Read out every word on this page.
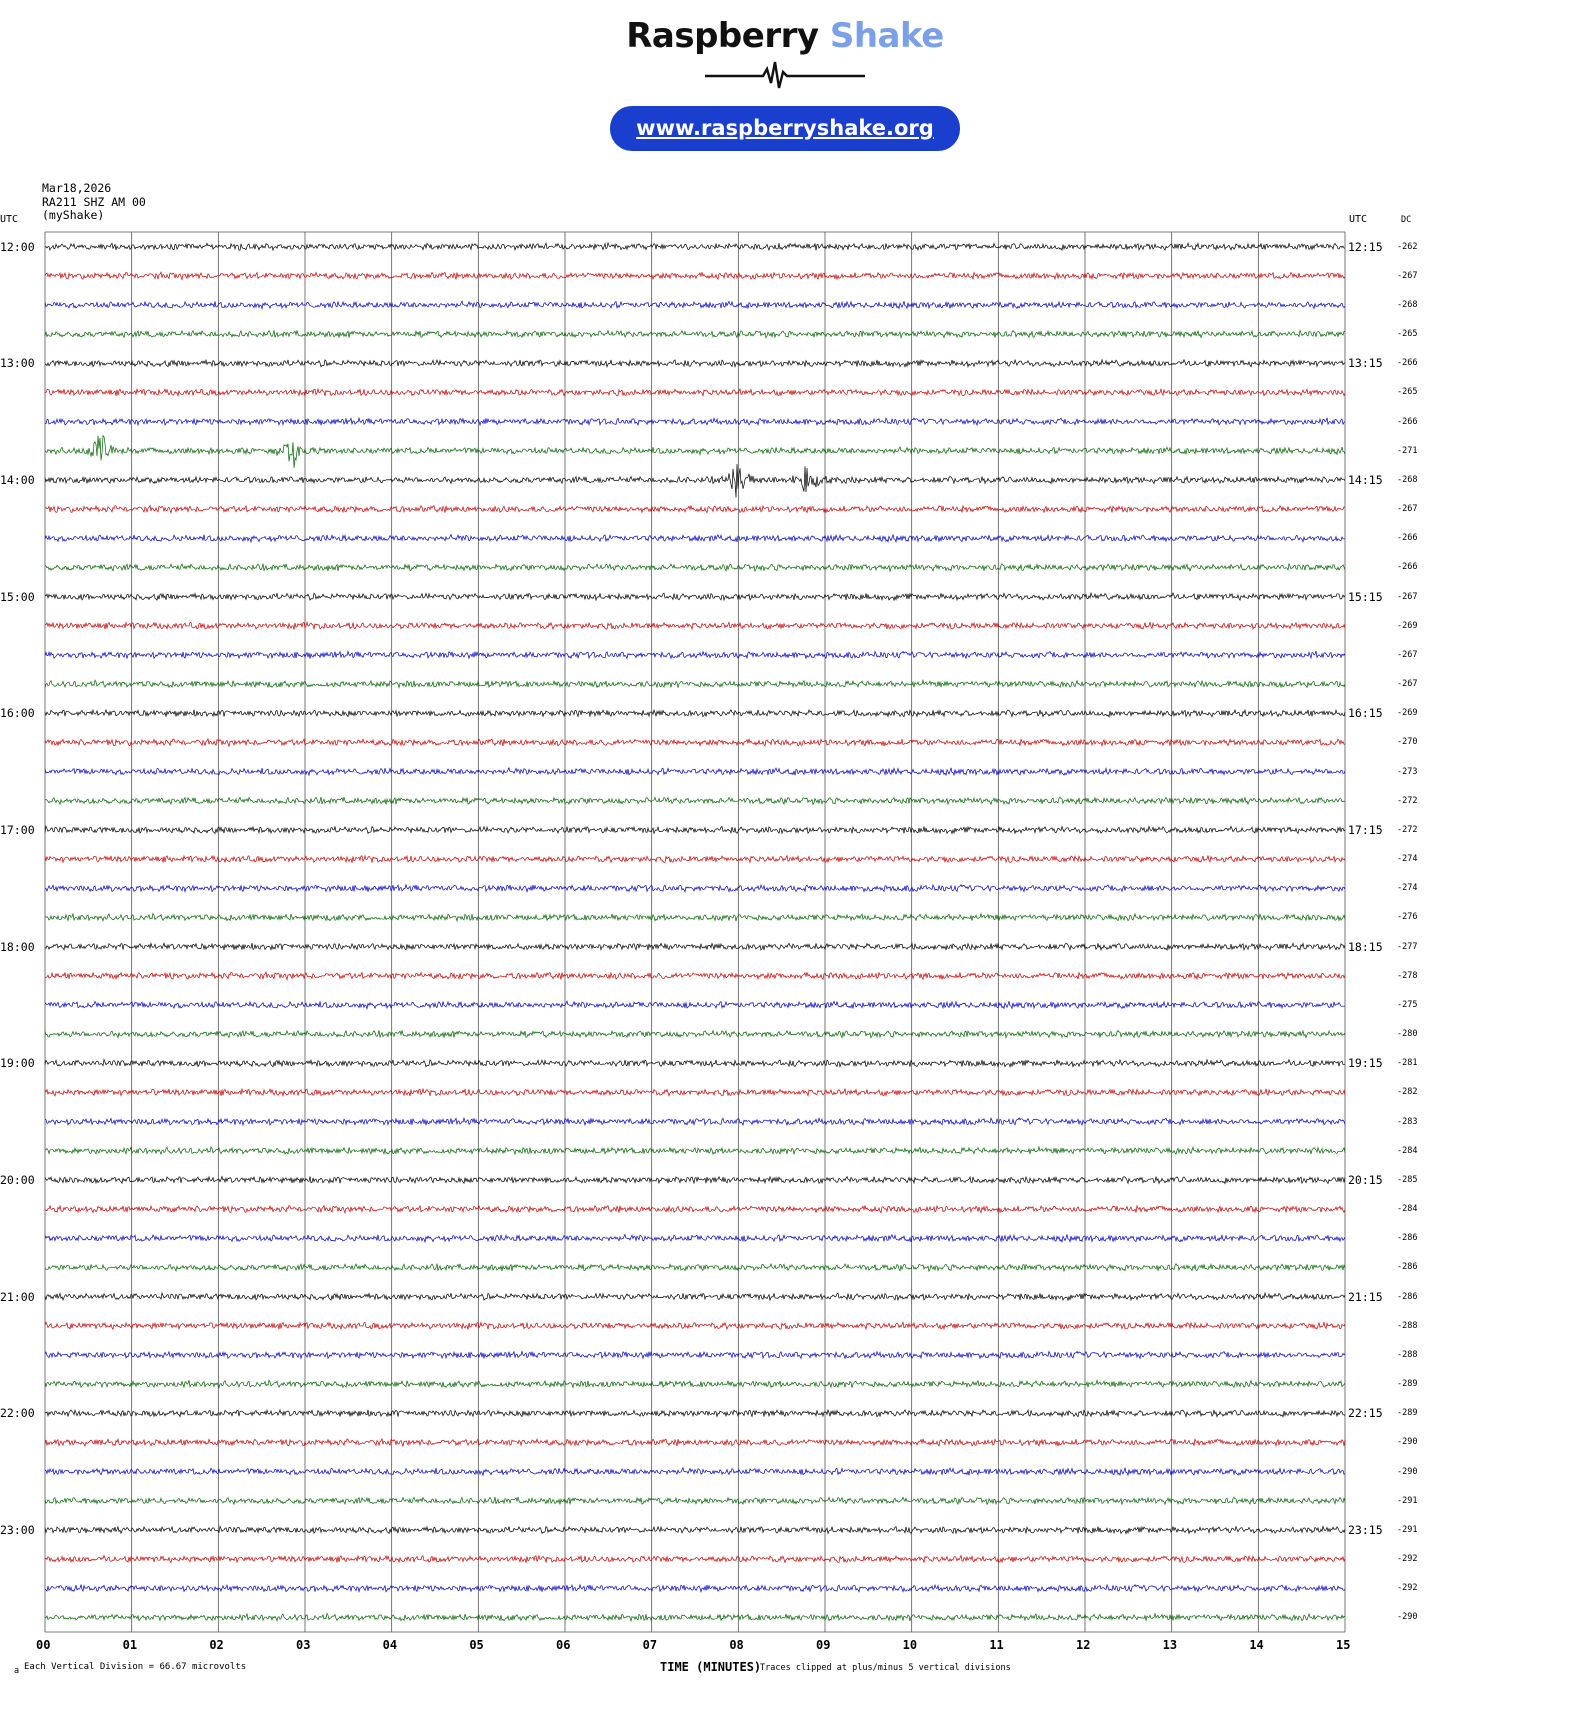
Raspberry Shake
www.raspberryshake.org
Mar18,2026
RA211 SHZ AM 00
(myShake)
UTC	UTC	DC
12:00	12:15
13:00	13:15
14:00	14:15
15:00	15:15
16:00	16:15
17:00	17:15
18:00	18:15
19:00	19:15
20:00	20:15
21:00	21:15
22:00	22:15
23:00	23:15
-262
-267
-268
-265
-266
-265
-266
-271
-268
-267
-266
-266
-267
-269
-267
-267
-269
-270
-273
-272
-272
-274
-274
-276
-277
-278
-275
-280
-281
-282
-283
-284
-285
-284
-286
-286
-286
-288
-288
-289
-289
-290
-290
-291
-291
-292
-292
-290
00	01	02	03	04	05	06	07	08	09	10	11	12	13	14	15
a Each Vertical Division = 66.67 microvolts	TIME (MINUTES)
Traces clipped at plus/minus 5 vertical divisions
